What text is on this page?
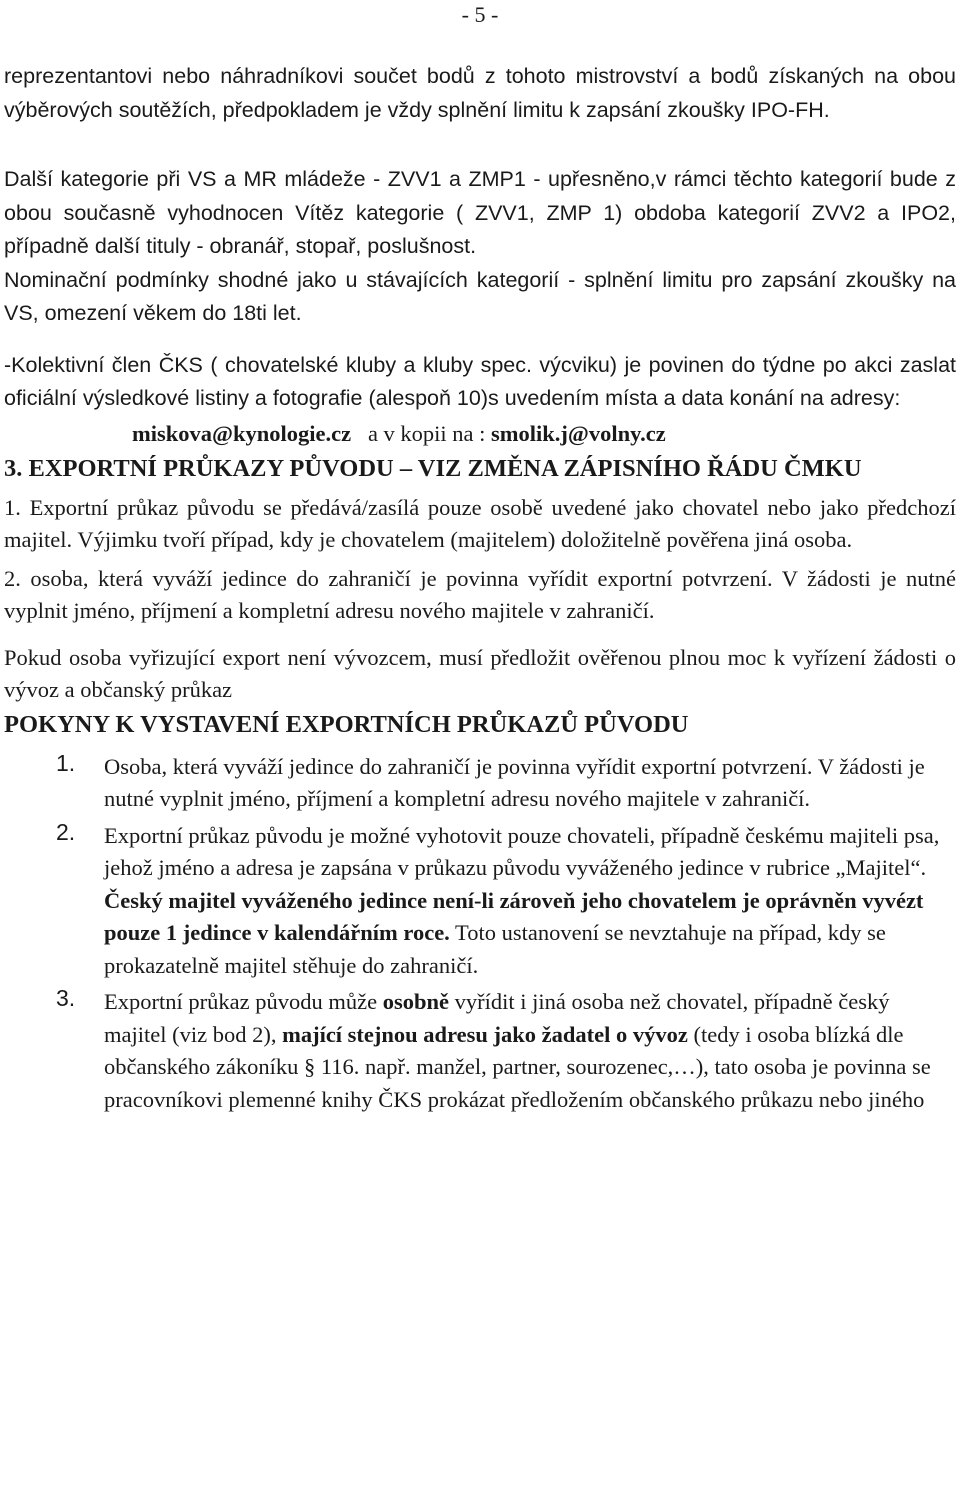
- 5 -

reprezentantovi nebo náhradníkovi součet bodů z tohoto mistrovství a bodů získaných na obou výběrových soutěžích, předpokladem je vždy splnění limitu k zapsání zkoušky IPO-FH.

Další kategorie při VS a MR mládeže - ZVV1 a ZMP1 - upřesněno,v rámci těchto kategorií bude z obou současně vyhodnocen Vítěz kategorie ( ZVV1, ZMP 1) obdoba kategorií ZVV2 a IPO2, případně další tituly - obranář, stopař, poslušnost.

Nominační podmínky shodné jako u stávajících kategorií - splnění limitu pro zapsání zkoušky na VS, omezení věkem do 18ti let.

-Kolektivní člen ČKS ( chovatelské kluby a kluby spec. výcviku) je povinen do týdne po akci zaslat oficiální výsledkové listiny a fotografie (alespoň 10)s uvedením místa a data konání na adresy:

miskova@kynologie.cz a v kopii na : smolik.j@volny.cz

3. EXPORTNÍ PRŮKAZY PŮVODU – VIZ ZMĚNA ZÁPISNÍHO ŘÁDU ČMKU

1. Exportní průkaz původu se předává/zasílá pouze osobě uvedené jako chovatel nebo jako předchozí majitel. Výjimku tvoří případ, kdy je chovatelem (majitelem) doložitelně pověřena jiná osoba.

2. osoba, která vyváží jedince do zahraničí je povinna vyřídit exportní potvrzení. V žádosti je nutné vyplnit jméno, příjmení a kompletní adresu nového majitele v zahraničí.

Pokud osoba vyřizující export není vývozcem, musí předložit ověřenou plnou moc k vyřízení žádosti o vývoz a občanský průkaz

POKYNY K VYSTAVENÍ EXPORTNÍCH PRŮKAZŮ PŮVODU
1. Osoba, která vyváží jedince do zahraničí je povinna vyřídit exportní potvrzení. V žádosti je nutné vyplnit jméno, příjmení a kompletní adresu nového majitele v zahraničí.

2. Exportní průkaz původu je možné vyhotovit pouze chovateli, případně českému majiteli psa, jehož jméno a adresa je zapsána v průkazu původu vyváženého jedince v rubrice „Majitel“. Český majitel vyváženého jedince není-li zároveň jeho chovatelem je oprávněn vyvézt pouze 1 jedince v kalendářním roce. Toto ustanovení se nevztahuje na případ, kdy se prokazatelně majitel stěhuje do zahraničí.

3. Exportní průkaz původu může osobně vyřídit i jiná osoba než chovatel, případně český majitel (viz bod 2), mající stejnou adresu jako žadatel o vývoz (tedy i osoba blízká dle občanského zákoníku § 116. např. manžel, partner, sourozenec,…), tato osoba je povinna se pracovníkovi plemenné knihy ČKS prokázat předložením občanského průkazu nebo jiného
